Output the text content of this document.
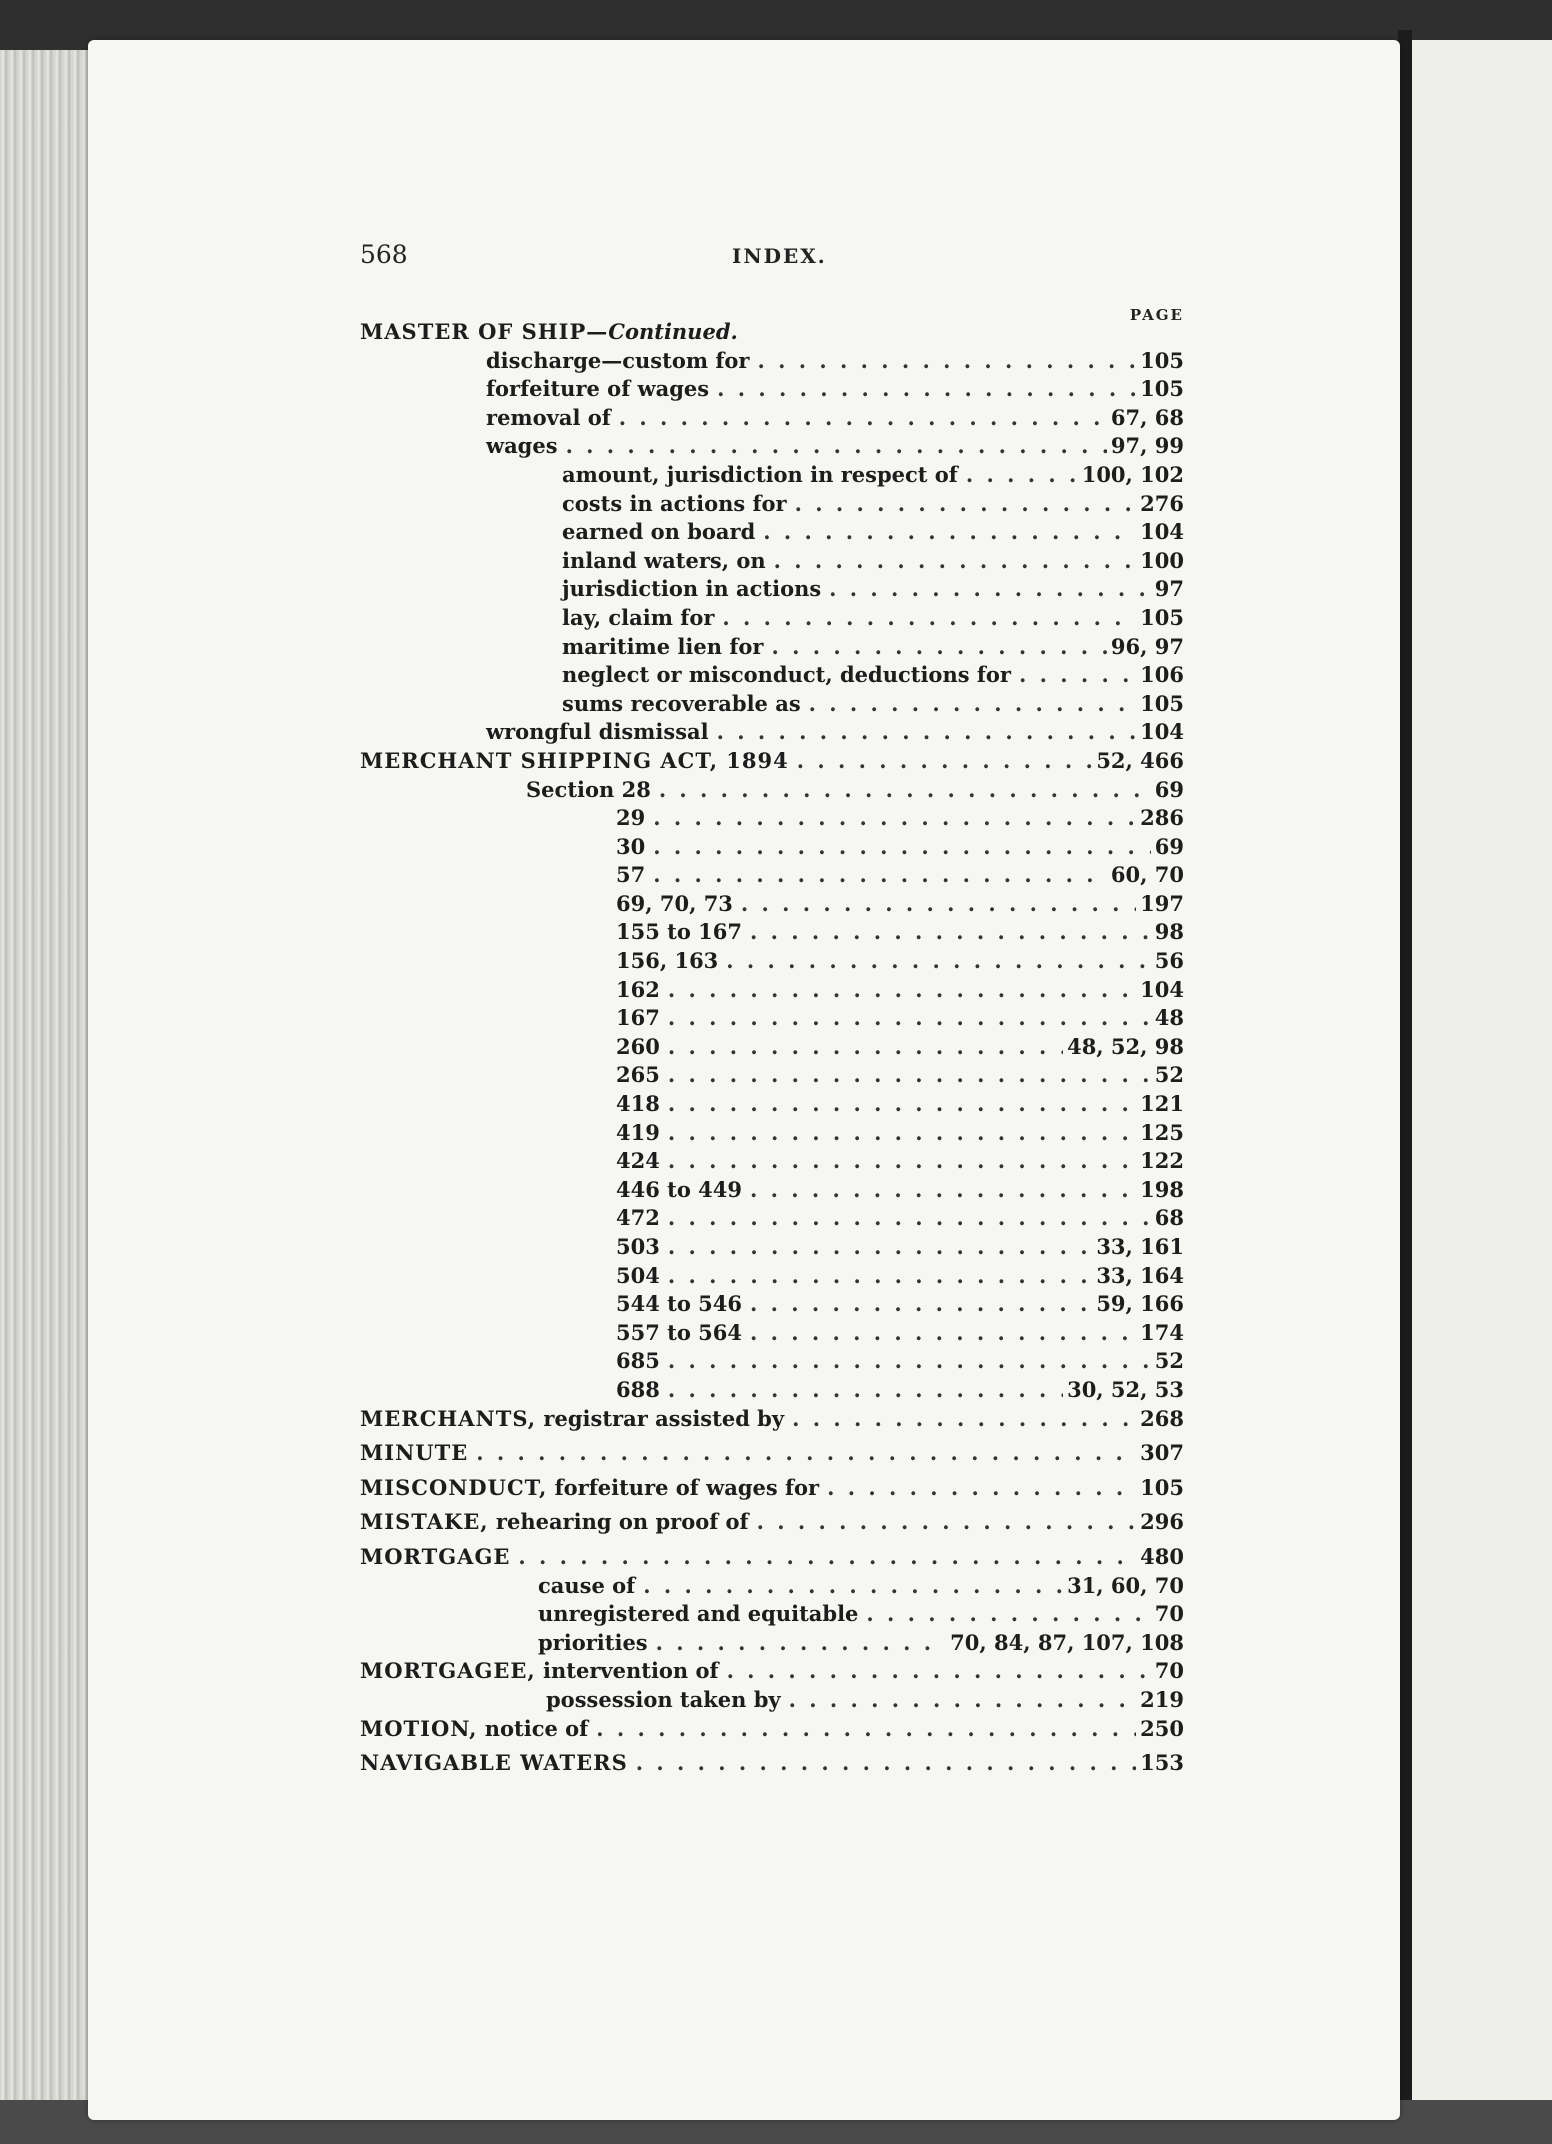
568	INDEX.
PAGE
MASTER OF SHIP—Continued.
discharge—custom for . . .	105
forfeiture of wages . . .	105
removal of . . .	67, 68
wages . . .	97, 99
amount, jurisdiction in respect of . . .	100, 102
costs in actions for . . .	276
earned on board . . .	104
inland waters, on . . .	100
jurisdiction in actions . . .	97
lay, claim for . . .	105
maritime lien for . . .	96, 97
neglect or misconduct, deductions for . . .	106
sums recoverable as . . .	105
wrongful dismissal . . .	104
MERCHANT SHIPPING ACT, 1894 . . .	52, 466
Section 28 . . .	69
29 . . .	286
30 . . .	69
57 . . .	60, 70
69, 70, 73 . . .	197
155 to 167 . . .	98
156, 163 . . .	56
162 . . .	104
167 . . .	48
260 . . .	48, 52, 98
265 . . .	52
418 . . .	121
419 . . .	125
424 . . .	122
446 to 449 . . .	198
472 . . .	68
503 . . .	33, 161
504 . . .	33, 164
544 to 546 . . .	59, 166
557 to 564 . . .	174
685 . . .	52
688 . . .	30, 52, 53
MERCHANTS, registrar assisted by . . .	268
MINUTE . . .	307
MISCONDUCT, forfeiture of wages for . . .	105
MISTAKE, rehearing on proof of . . .	296
MORTGAGE . . .	480
cause of . . .	31, 60, 70
unregistered and equitable . . .	70
priorities . . .	70, 84, 87, 107, 108
MORTGAGEE, intervention of . . .	70
possession taken by . . .	219
MOTION, notice of . . .	250
NAVIGABLE WATERS . . .	153
